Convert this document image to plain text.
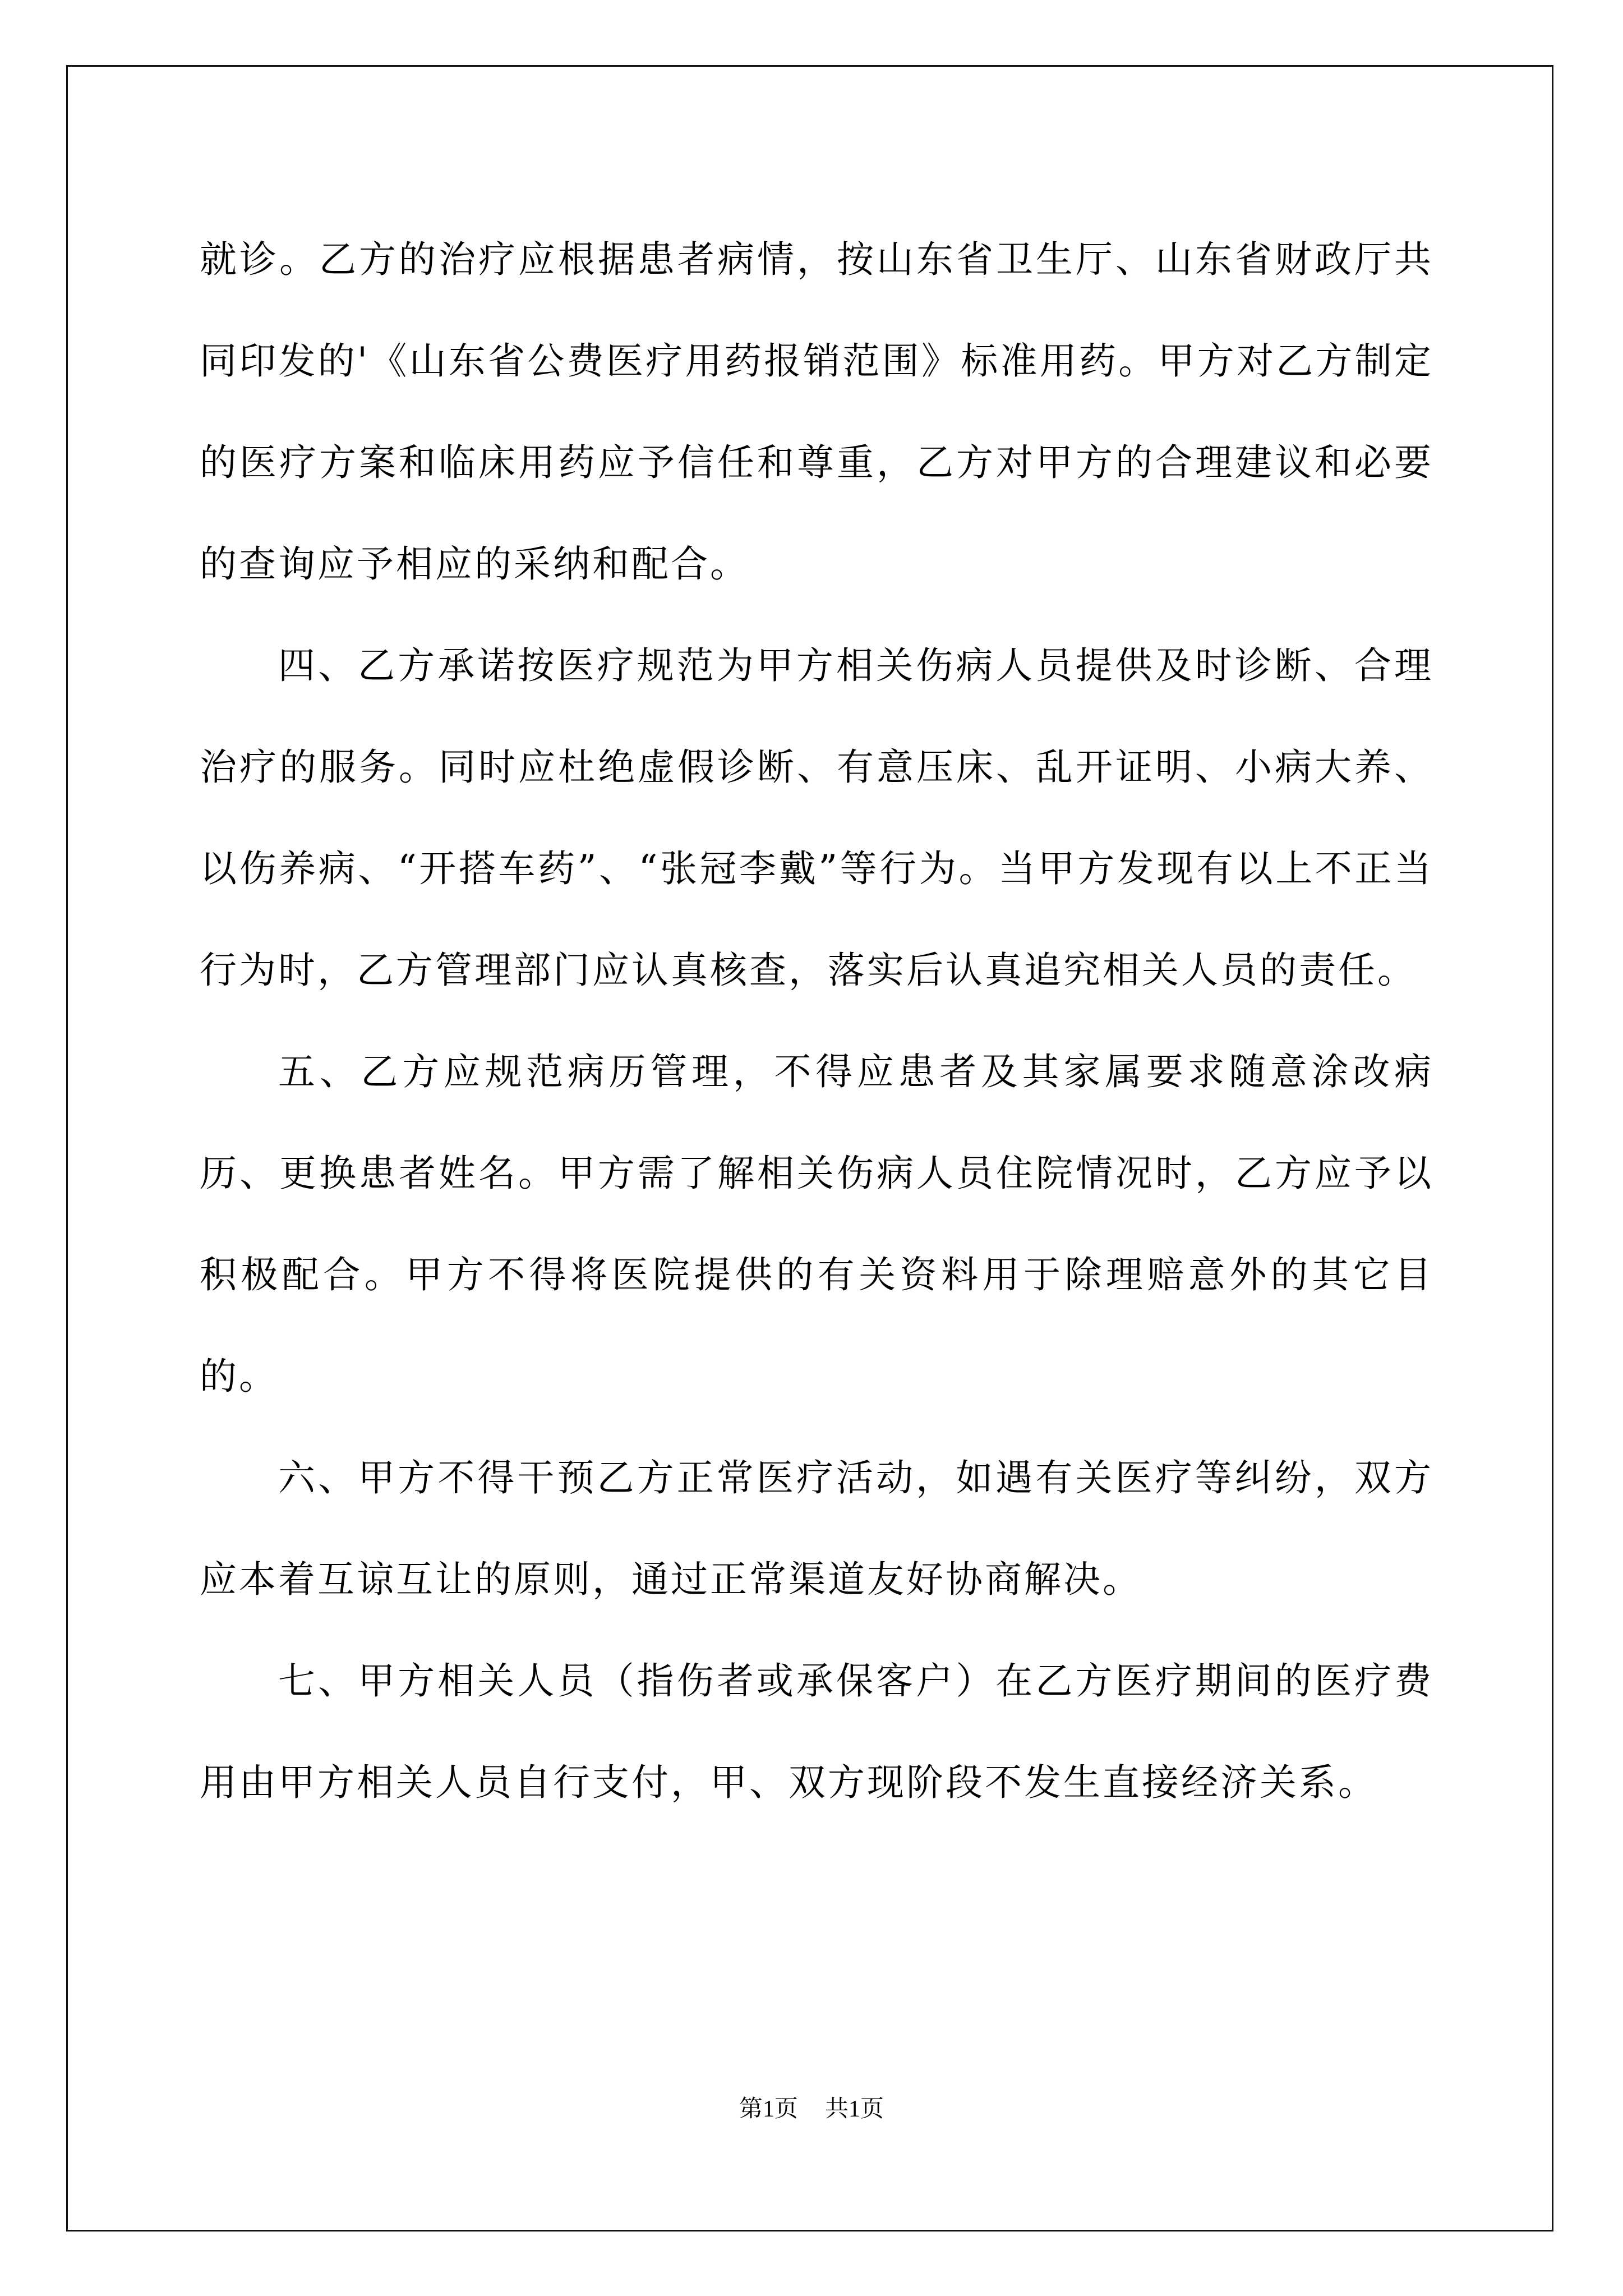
就诊。乙方的治疗应根据患者病情，按山东省卫生厅、山东省财政厅共同印发的'《山东省公费医疗用药报销范围》标准用药。甲方对乙方制定的医疗方案和临床用药应予信任和尊重，乙方对甲方的合理建议和必要的查询应予相应的采纳和配合。

四、乙方承诺按医疗规范为甲方相关伤病人员提供及时诊断、合理治疗的服务。同时应杜绝虚假诊断、有意压床、乱开证明、小病大养、以伤养病、“开搭车药”、“张冠李戴”等行为。当甲方发现有以上不正当行为时，乙方管理部门应认真核查，落实后认真追究相关人员的责任。

五、乙方应规范病历管理，不得应患者及其家属要求随意涂改病历、更换患者姓名。甲方需了解相关伤病人员住院情况时，乙方应予以积极配合。甲方不得将医院提供的有关资料用于除理赔意外的其它目的。

六、甲方不得干预乙方正常医疗活动，如遇有关医疗等纠纷，双方应本着互谅互让的原则，通过正常渠道友好协商解决。

七、甲方相关人员（指伤者或承保客户）在乙方医疗期间的医疗费用由甲方相关人员自行支付，甲、双方现阶段不发生直接经济关系。

第1页 共1页
